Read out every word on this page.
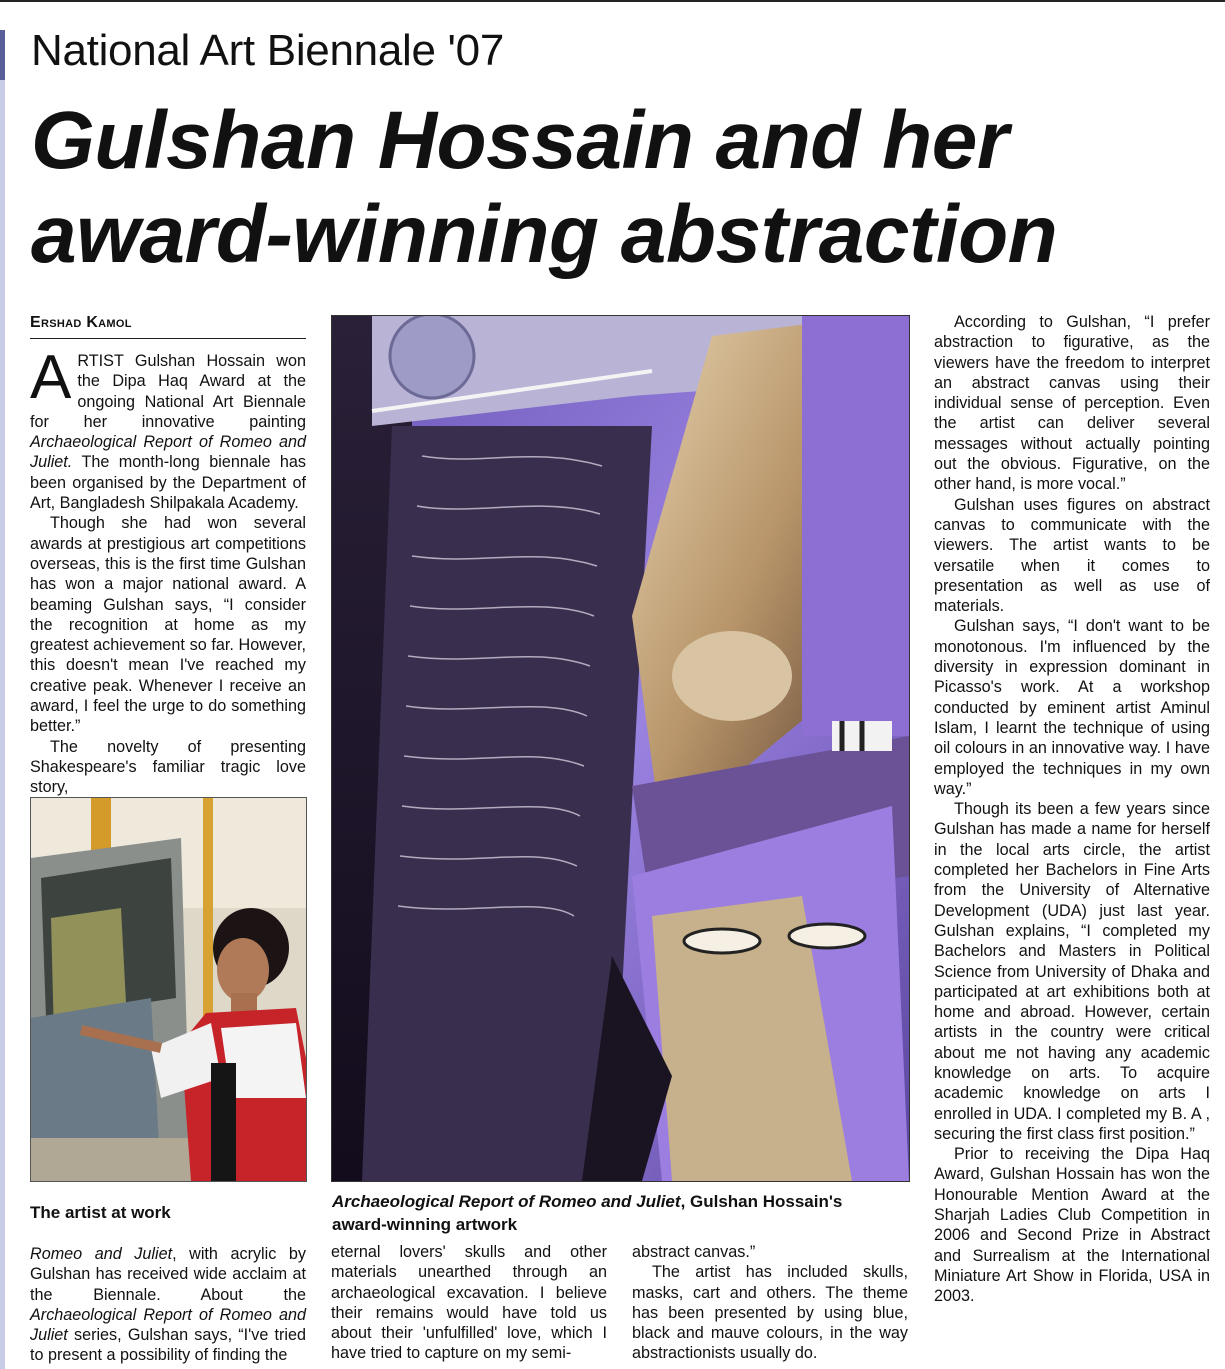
National Art Biennale '07
Gulshan Hossain and her
award-winning abstraction
Ershad Kamol

ARTIST Gulshan Hossain won the Dipa Haq Award at the ongoing National Art Biennale for her innovative painting Archaeological Report of Romeo and Juliet. The month-long biennale has been organised by the Department of Art, Bangladesh Shilpakala Academy.

Though she had won several awards at prestigious art competitions overseas, this is the first time Gulshan has won a major national award. A beaming Gulshan says, “I consider the recognition at home as my greatest achievement so far. However, this doesn't mean I've reached my creative peak. Whenever I receive an award, I feel the urge to do something better.”

The novelty of presenting Shakespeare's familiar tragic love story,

The artist at work
Archaeological Report of Romeo and Juliet, Gulshan Hossain's award-winning artwork

Romeo and Juliet, with acrylic by Gulshan has received wide acclaim at the Biennale. About the Archaeological Report of Romeo and Juliet series, Gulshan says, “I've tried to present a possibility of finding the

eternal lovers' skulls and other materials unearthed through an archaeological excavation. I believe their remains would have told us about their 'unfulfilled' love, which I have tried to capture on my semi-

abstract canvas.”

The artist has included skulls, masks, cart and others. The theme has been presented by using blue, black and mauve colours, in the way abstractionists usually do.

According to Gulshan, “I prefer abstraction to figurative, as the viewers have the freedom to interpret an abstract canvas using their individual sense of perception. Even the artist can deliver several messages without actually pointing out the obvious. Figurative, on the other hand, is more vocal.”

Gulshan uses figures on abstract canvas to communicate with the viewers. The artist wants to be versatile when it comes to presentation as well as use of materials.

Gulshan says, “I don't want to be monotonous. I'm influenced by the diversity in expression dominant in Picasso's work. At a workshop conducted by eminent artist Aminul Islam, I learnt the technique of using oil colours in an innovative way. I have employed the techniques in my own way.”

Though its been a few years since Gulshan has made a name for herself in the local arts circle, the artist completed her Bachelors in Fine Arts from the University of Alternative Development (UDA) just last year. Gulshan explains, “I completed my Bachelors and Masters in Political Science from University of Dhaka and participated at art exhibitions both at home and abroad. However, certain artists in the country were critical about me not having any academic knowledge on arts. To acquire academic knowledge on arts I enrolled in UDA. I completed my B. A , securing the first class first position.”

Prior to receiving the Dipa Haq Award, Gulshan Hossain has won the Honourable Mention Award at the Sharjah Ladies Club Competition in 2006 and Second Prize in Abstract and Surrealism at the International Miniature Art Show in Florida, USA in 2003.
